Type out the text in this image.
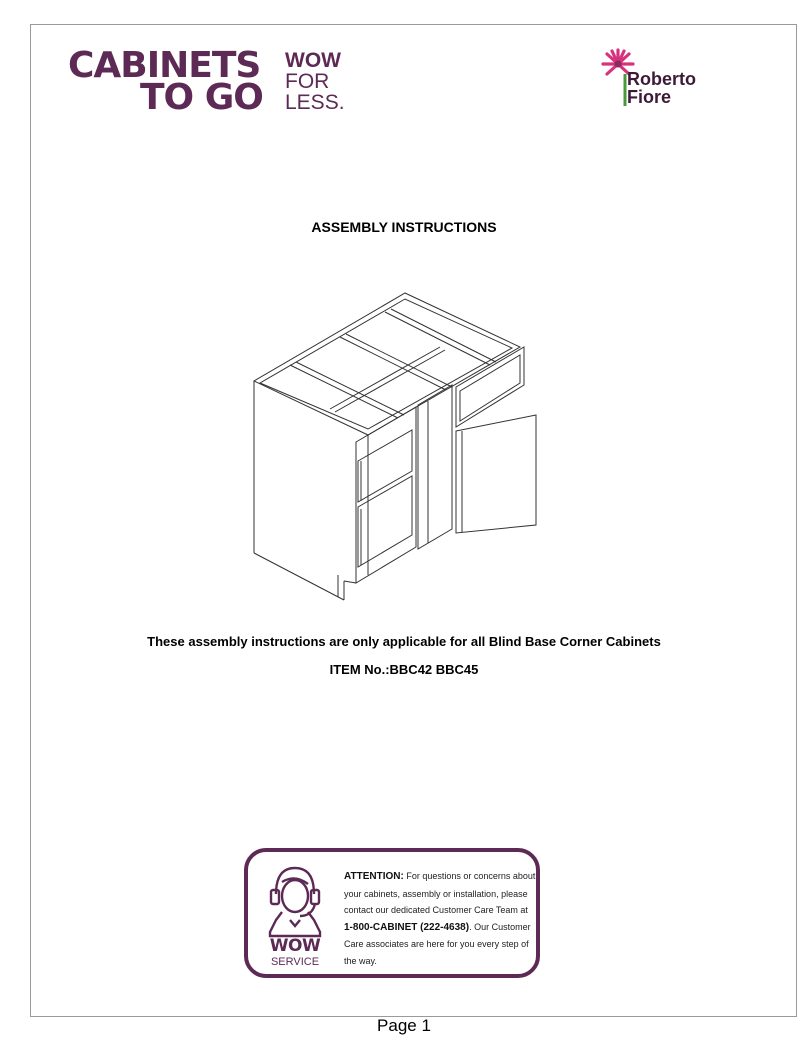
CABINETS
TO GO
WOW
FOR
LESS.
Roberto
Fiore
ASSEMBLY INSTRUCTIONS
These assembly instructions are only applicable for all Blind Base Corner Cabinets
ITEM No.:BBC42 BBC45
WOW
SERVICE
ATTENTION: For questions or concerns about your cabinets, assembly or installation, please contact our dedicated Customer Care Team at 1-800-CABINET (222-4638). Our Customer Care associates are here for you every step of the way.
Page 1
